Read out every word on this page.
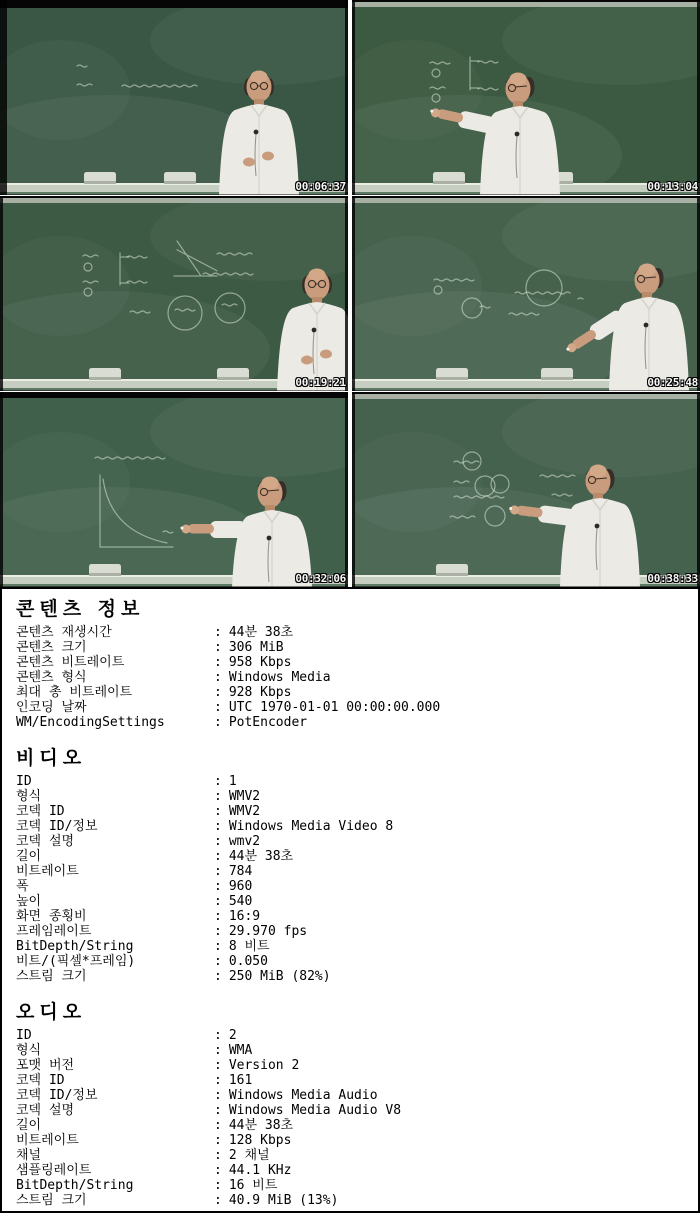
00:06:37	00:13:04
00:19:21	00:25:48
00:32:06	00:38:33
콘텐츠 정보
콘텐츠 재생시간	: 44분 38초
콘텐츠 크기	: 306 MiB
콘텐츠 비트레이트	: 958 Kbps
콘텐츠 형식	: Windows Media
최대 총 비트레이트	: 928 Kbps
인코딩 날짜	: UTC 1970-01-01 00:00:00.000
WM/EncodingSettings	: PotEncoder
비디오
ID	: 1
형식	: WMV2
코덱 ID	: WMV2
코덱 ID/정보	: Windows Media Video 8
코덱 설명	: wmv2
길이	: 44분 38초
비트레이트	: 784
폭	: 960
높이	: 540
화면 종횡비	: 16:9
프레임레이트	: 29.970 fps
BitDepth/String	: 8 비트
비트/(픽셀*프레임)	: 0.050
스트림 크기	: 250 MiB (82%)
오디오
ID	: 2
형식	: WMA
포맷 버전	: Version 2
코덱 ID	: 161
코덱 ID/정보	: Windows Media Audio
코덱 설명	: Windows Media Audio V8
길이	: 44분 38초
비트레이트	: 128 Kbps
채널	: 2 채널
샘플링레이트	: 44.1 KHz
BitDepth/String	: 16 비트
스트림 크기	: 40.9 MiB (13%)
